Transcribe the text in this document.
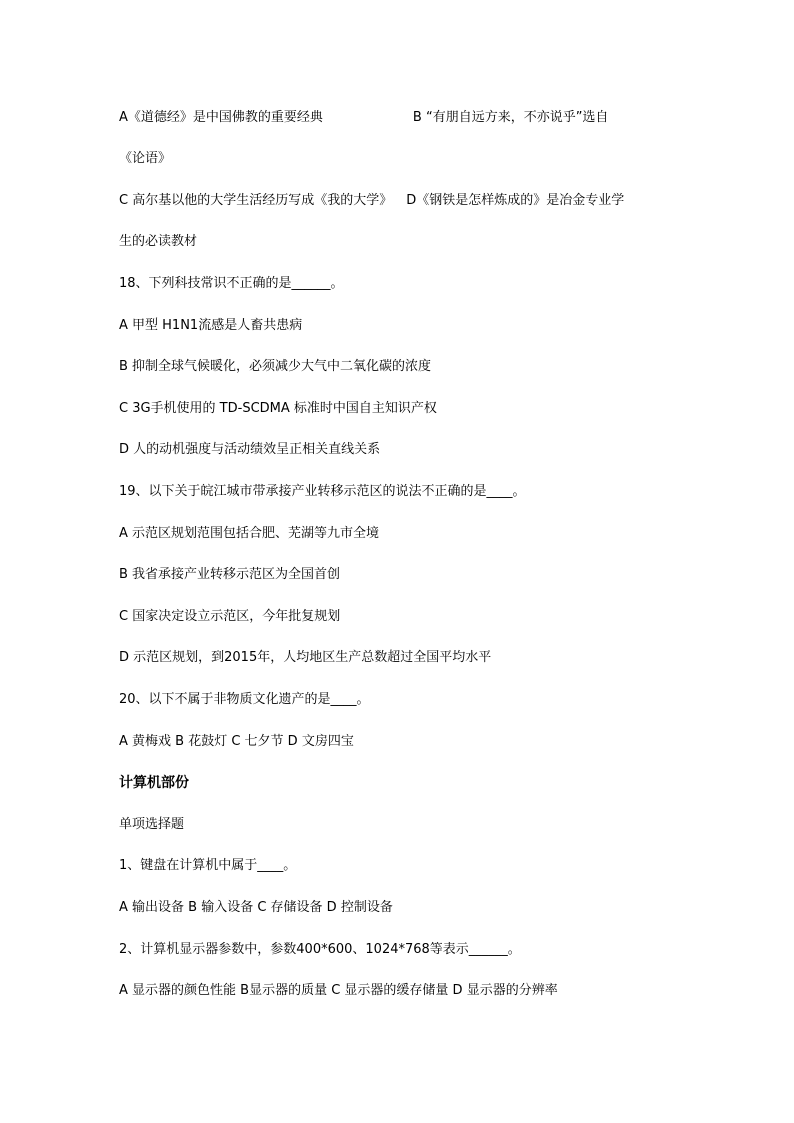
A《道德经》是中国佛教的重要经典	B “有朋自远方来，不亦说乎”选自
《论语》
C 高尔基以他的大学生活经历写成《我的大学》 D《钢铁是怎样炼成的》是冶金专业学
生的必读教材
18、下列科技常识不正确的是______。
A 甲型 H1N1流感是人畜共患病
B 抑制全球气候暖化，必须减少大气中二氧化碳的浓度
C 3G手机使用的 TD-SCDMA 标准时中国自主知识产权
D 人的动机强度与活动绩效呈正相关直线关系
19、以下关于皖江城市带承接产业转移示范区的说法不正确的是____。
A 示范区规划范围包括合肥、芜湖等九市全境
B 我省承接产业转移示范区为全国首创
C 国家决定设立示范区，今年批复规划
D 示范区规划，到2015年，人均地区生产总数超过全国平均水平
20、以下不属于非物质文化遗产的是____。
A 黄梅戏 B 花鼓灯 C 七夕节 D 文房四宝
计算机部份
单项选择题
1、键盘在计算机中属于____。
A 输出设备 B 输入设备 C 存储设备 D 控制设备
2、计算机显示器参数中，参数400*600、1024*768等表示______。
A 显示器的颜色性能 B显示器的质量 C 显示器的缓存储量 D 显示器的分辨率
